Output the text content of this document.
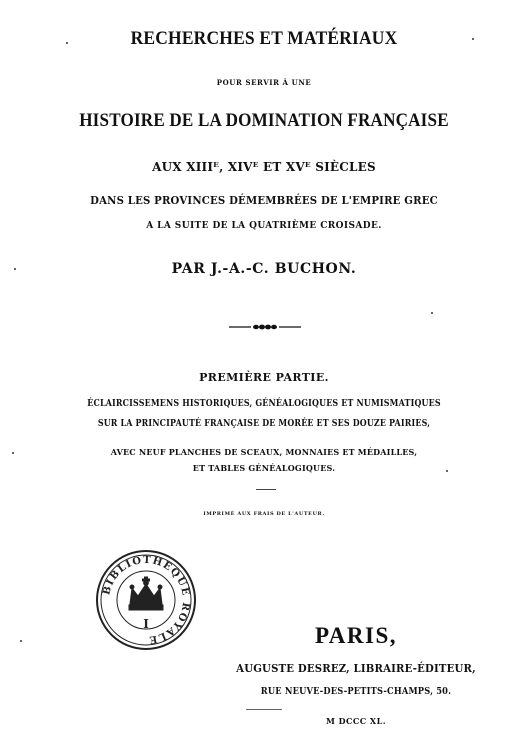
RECHERCHES ET MATÉRIAUX
POUR SERVIR À UNE
HISTOIRE DE LA DOMINATION FRANÇAISE
AUX XIIIᴱ, XIVᴱ ET XVᴱ SIÈCLES
DANS LES PROVINCES DÉMEMBRÉES DE L'EMPIRE GREC
A LA SUITE DE LA QUATRIÈME CROISADE.
PAR J.-A.-C. BUCHON.
PREMIÈRE PARTIE.
ÉCLAIRCISSEMENS HISTORIQUES, GÉNÉALOGIQUES ET NUMISMATIQUES
SUR LA PRINCIPAUTÉ FRANÇAISE DE MORÉE ET SES DOUZE PAIRIES,
AVEC NEUF PLANCHES DE SCEAUX, MONNAIES ET MÉDAILLES,
ET TABLES GÉNÉALOGIQUES.
IMPRIMÉ AUX FRAIS DE L'AUTEUR.
BIBLIOTHEQUE ROYALE
I	PARIS,
AUGUSTE DESREZ, LIBRAIRE-ÉDITEUR,
RUE NEUVE-DES-PETITS-CHAMPS, 50.
M DCCC XL.
